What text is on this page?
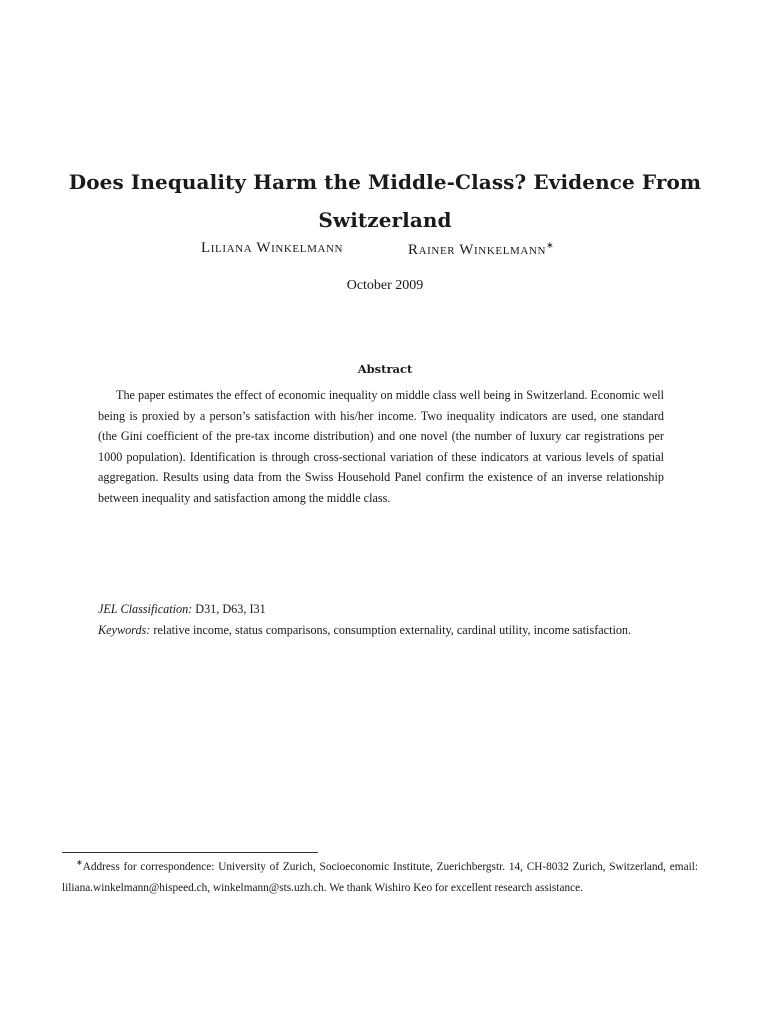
Does Inequality Harm the Middle-Class? Evidence From Switzerland
Liliana Winkelmann	Rainer Winkelmann∗
October 2009
Abstract

The paper estimates the effect of economic inequality on middle class well being in Switzerland. Economic well being is proxied by a person’s satisfaction with his/her income. Two inequality indicators are used, one standard (the Gini coefficient of the pre-tax income distribution) and one novel (the number of luxury car registrations per 1000 population). Identification is through cross-sectional variation of these indicators at various levels of spatial aggregation. Results using data from the Swiss Household Panel confirm the existence of an inverse relationship between inequality and satisfaction among the middle class.

JEL Classification: D31, D63, I31
Keywords: relative income, status comparisons, consumption externality, cardinal utility, income satisfaction.

∗Address for correspondence: University of Zurich, Socioeconomic Institute, Zuerichbergstr. 14, CH-8032 Zurich, Switzerland, email: liliana.winkelmann@hispeed.ch, winkelmann@sts.uzh.ch. We thank Wishiro Keo for excellent research assistance.
